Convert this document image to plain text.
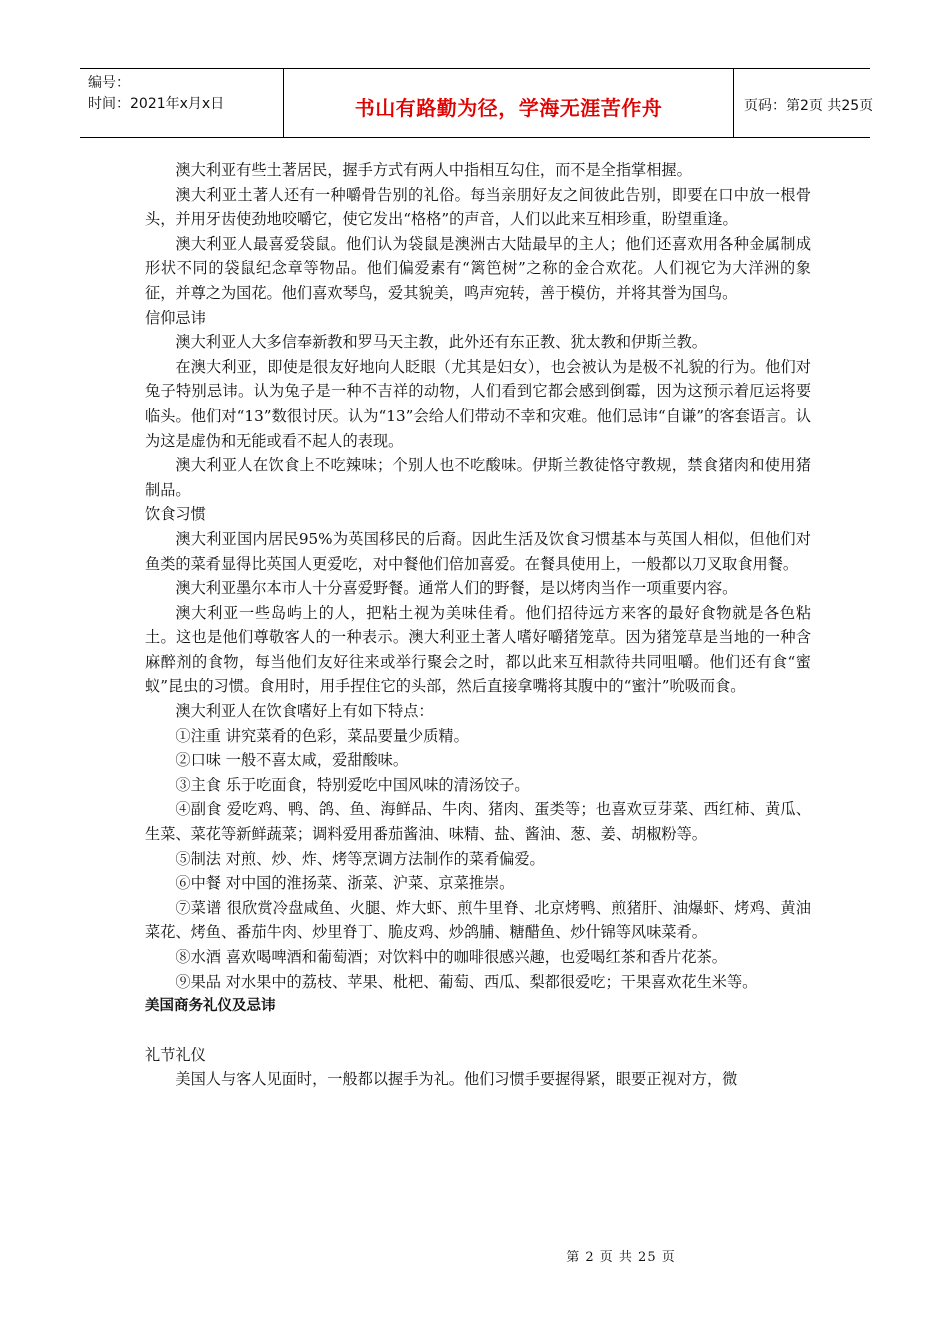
编号：
时间：2021年x月x日	书山有路勤为径，学海无涯苦作舟	页码：第2页 共25页

澳大利亚有些土著居民，握手方式有两人中指相互勾住，而不是全指掌相握。

澳大利亚土著人还有一种嚼骨告别的礼俗。每当亲朋好友之间彼此告别，即要在口中放一根骨头，并用牙齿使劲地咬嚼它，使它发出“格格”的声音，人们以此来互相珍重，盼望重逢。

澳大利亚人最喜爱袋鼠。他们认为袋鼠是澳洲古大陆最早的主人；他们还喜欢用各种金属制成形状不同的袋鼠纪念章等物品。他们偏爱素有“篱笆树”之称的金合欢花。人们视它为大洋洲的象征，并尊之为国花。他们喜欢琴鸟，爱其貌美，鸣声宛转，善于模仿，并将其誉为国鸟。

信仰忌讳

澳大利亚人大多信奉新教和罗马天主教，此外还有东正教、犹太教和伊斯兰教。

在澳大利亚，即使是很友好地向人眨眼（尤其是妇女），也会被认为是极不礼貌的行为。他们对兔子特别忌讳。认为兔子是一种不吉祥的动物，人们看到它都会感到倒霉，因为这预示着厄运将要临头。他们对“13”数很讨厌。认为“13”会给人们带动不幸和灾难。他们忌讳“自谦”的客套语言。认为这是虚伪和无能或看不起人的表现。

澳大利亚人在饮食上不吃辣味；个别人也不吃酸味。伊斯兰教徒恪守教规，禁食猪肉和使用猪制品。

饮食习惯

澳大利亚国内居民95%为英国移民的后裔。因此生活及饮食习惯基本与英国人相似，但他们对鱼类的菜肴显得比英国人更爱吃，对中餐他们倍加喜爱。在餐具使用上，一般都以刀叉取食用餐。

澳大利亚墨尔本市人十分喜爱野餐。通常人们的野餐，是以烤肉当作一项重要内容。

澳大利亚一些岛屿上的人，把粘土视为美味佳肴。他们招待远方来客的最好食物就是各色粘土。这也是他们尊敬客人的一种表示。澳大利亚土著人嗜好嚼猪笼草。因为猪笼草是当地的一种含麻醉剂的食物，每当他们友好往来或举行聚会之时，都以此来互相款待共同咀嚼。他们还有食“蜜蚁”昆虫的习惯。食用时，用手捏住它的头部，然后直接拿嘴将其腹中的“蜜汁”吮吸而食。

澳大利亚人在饮食嗜好上有如下特点：

①注重 讲究菜肴的色彩，菜品要量少质精。

②口味 一般不喜太咸，爱甜酸味。

③主食 乐于吃面食，特别爱吃中国风味的清汤饺子。

④副食 爱吃鸡、鸭、鸽、鱼、海鲜品、牛肉、猪肉、蛋类等；也喜欢豆芽菜、西红柿、黄瓜、生菜、菜花等新鲜蔬菜；调料爱用番茄酱油、味精、盐、酱油、葱、姜、胡椒粉等。

⑤制法 对煎、炒、炸、烤等烹调方法制作的菜肴偏爱。

⑥中餐 对中国的淮扬菜、浙菜、沪菜、京菜推崇。

⑦菜谱 很欣赏冷盘咸鱼、火腿、炸大虾、煎牛里脊、北京烤鸭、煎猪肝、油爆虾、烤鸡、黄油菜花、烤鱼、番茄牛肉、炒里脊丁、脆皮鸡、炒鸽脯、糖醋鱼、炒什锦等风味菜肴。

⑧水酒 喜欢喝啤酒和葡萄酒；对饮料中的咖啡很感兴趣，也爱喝红茶和香片花茶。

⑨果品 对水果中的荔枝、苹果、枇杷、葡萄、西瓜、梨都很爱吃；干果喜欢花生米等。

美国商务礼仪及忌讳

礼节礼仪

美国人与客人见面时，一般都以握手为礼。他们习惯手要握得紧，眼要正视对方，微

第 2 页 共 25 页
